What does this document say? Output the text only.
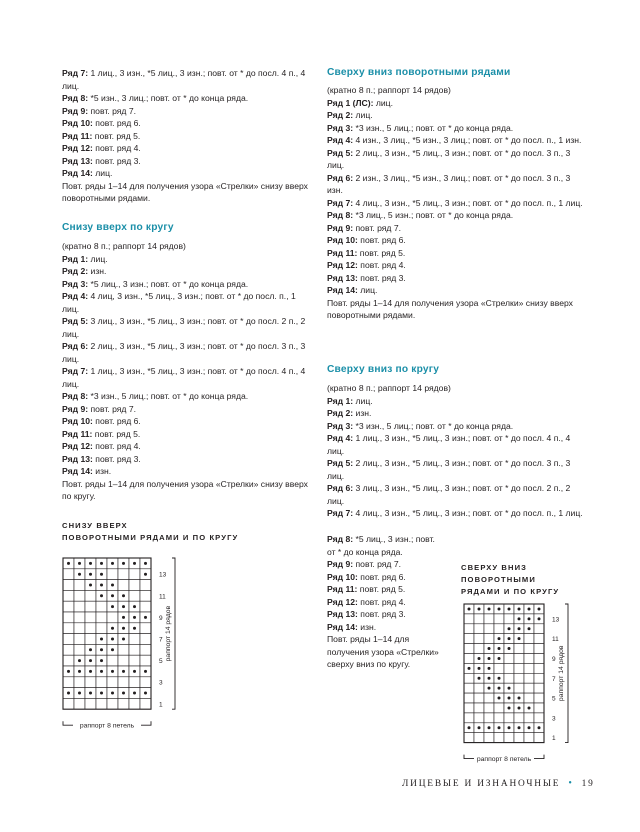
Ряд 7: 1 лиц., 3 изн., *5 лиц., 3 изн.; повт. от * до посл. 4 п., 4 лиц.

Ряд 8: *5 изн., 3 лиц.; повт. от * до конца ряда.

Ряд 9: повт. ряд 7.

Ряд 10: повт. ряд 6.

Ряд 11: повт. ряд 5.

Ряд 12: повт. ряд 4.

Ряд 13: повт. ряд 3.

Ряд 14: лиц.

Повт. ряды 1–14 для получения узора «Стрелки» снизу вверх поворотными рядами.

Снизу вверх по кругу

(кратно 8 п.; раппорт 14 рядов)

Ряд 1: лиц.

Ряд 2: изн.

Ряд 3: *5 лиц., 3 изн.; повт. от * до конца ряда.

Ряд 4: 4 лиц, 3 изн., *5 лиц., 3 изн.; повт. от * до посл. п., 1 лиц.

Ряд 5: 3 лиц., 3 изн., *5 лиц., 3 изн.; повт. от * до посл. 2 п., 2 лиц.

Ряд 6: 2 лиц., 3 изн., *5 лиц., 3 изн.; повт. от * до посл. 3 п., 3 лиц.

Ряд 7: 1 лиц., 3 изн., *5 лиц., 3 изн.; повт. от * до посл. 4 п., 4 лиц.

Ряд 8: *3 изн., 5 лиц.; повт. от * до конца ряда.

Ряд 9: повт. ряд 7.

Ряд 10: повт. ряд 6.

Ряд 11: повт. ряд 5.

Ряд 12: повт. ряд 4.

Ряд 13: повт. ряд 3.

Ряд 14: изн.

Повт. ряды 1–14 для получения узора «Стрелки» снизу вверх по кругу.

Сверху вниз поворотными рядами

(кратно 8 п.; раппорт 14 рядов)

Ряд 1 (ЛС): лиц.

Ряд 2: лиц.

Ряд 3: *3 изн., 5 лиц.; повт. от * до конца ряда.

Ряд 4: 4 изн., 3 лиц., *5 изн., 3 лиц.; повт. от * до посл. п., 1 изн.

Ряд 5: 2 лиц., 3 изн., *5 лиц., 3 изн.; повт. от * до посл. 3 п., 3 лиц.

Ряд 6: 2 изн., 3 лиц., *5 изн., 3 лиц.; повт. от * до посл. 3 п., 3 изн.

Ряд 7: 4 лиц., 3 изн., *5 лиц., 3 изн.; повт. от * до посл. п., 1 лиц.

Ряд 8: *3 лиц., 5 изн.; повт. от * до конца ряда.

Ряд 9: повт. ряд 7.

Ряд 10: повт. ряд 6.

Ряд 11: повт. ряд 5.

Ряд 12: повт. ряд 4.

Ряд 13: повт. ряд 3.

Ряд 14: лиц.

Повт. ряды 1–14 для получения узора «Стрелки» снизу вверх поворотными рядами.

Сверху вниз по кругу

(кратно 8 п.; раппорт 14 рядов)

Ряд 1: лиц.

Ряд 2: изн.

Ряд 3: *3 изн., 5 лиц.; повт. от * до конца ряда.

Ряд 4: 1 лиц., 3 изн., *5 лиц., 3 изн.; повт. от * до посл. 4 п., 4 лиц.

Ряд 5: 2 лиц., 3 изн., *5 лиц., 3 изн.; повт. от * до посл. 3 п., 3 лиц.

Ряд 6: 3 лиц., 3 изн., *5 лиц., 3 изн.; повт. от * до посл. 2 п., 2 лиц.

Ряд 7: 4 лиц., 3 изн., *5 лиц., 3 изн.; повт. от * до посл. п., 1 лиц.

Ряд 8: *5 лиц., 3 изн.; повт. от * до конца ряда.

Ряд 9: повт. ряд 7.

Ряд 10: повт. ряд 6.

Ряд 11: повт. ряд 5.

Ряд 12: повт. ряд 4.

Ряд 13: повт. ряд 3.

Ряд 14: изн.

Повт. ряды 1–14 для получения узора «Стрелки» сверху вниз по кругу.

СНИЗУ ВВЕРХ
ПОВОРОТНЫМИ РЯДАМИ И ПО КРУГУ
13
11
9
7
5
3
1
раппорт 14 рядов
раппорт 8 петель
СВЕРХУ ВНИЗ
ПОВОРОТНЫМИ
РЯДАМИ И ПО КРУГУ
13
11
9
7
5
3
1
раппорт 14 рядов
раппорт 8 петель
ЛИЦЕВЫЕ И ИЗНАНОЧНЫЕ • 19
